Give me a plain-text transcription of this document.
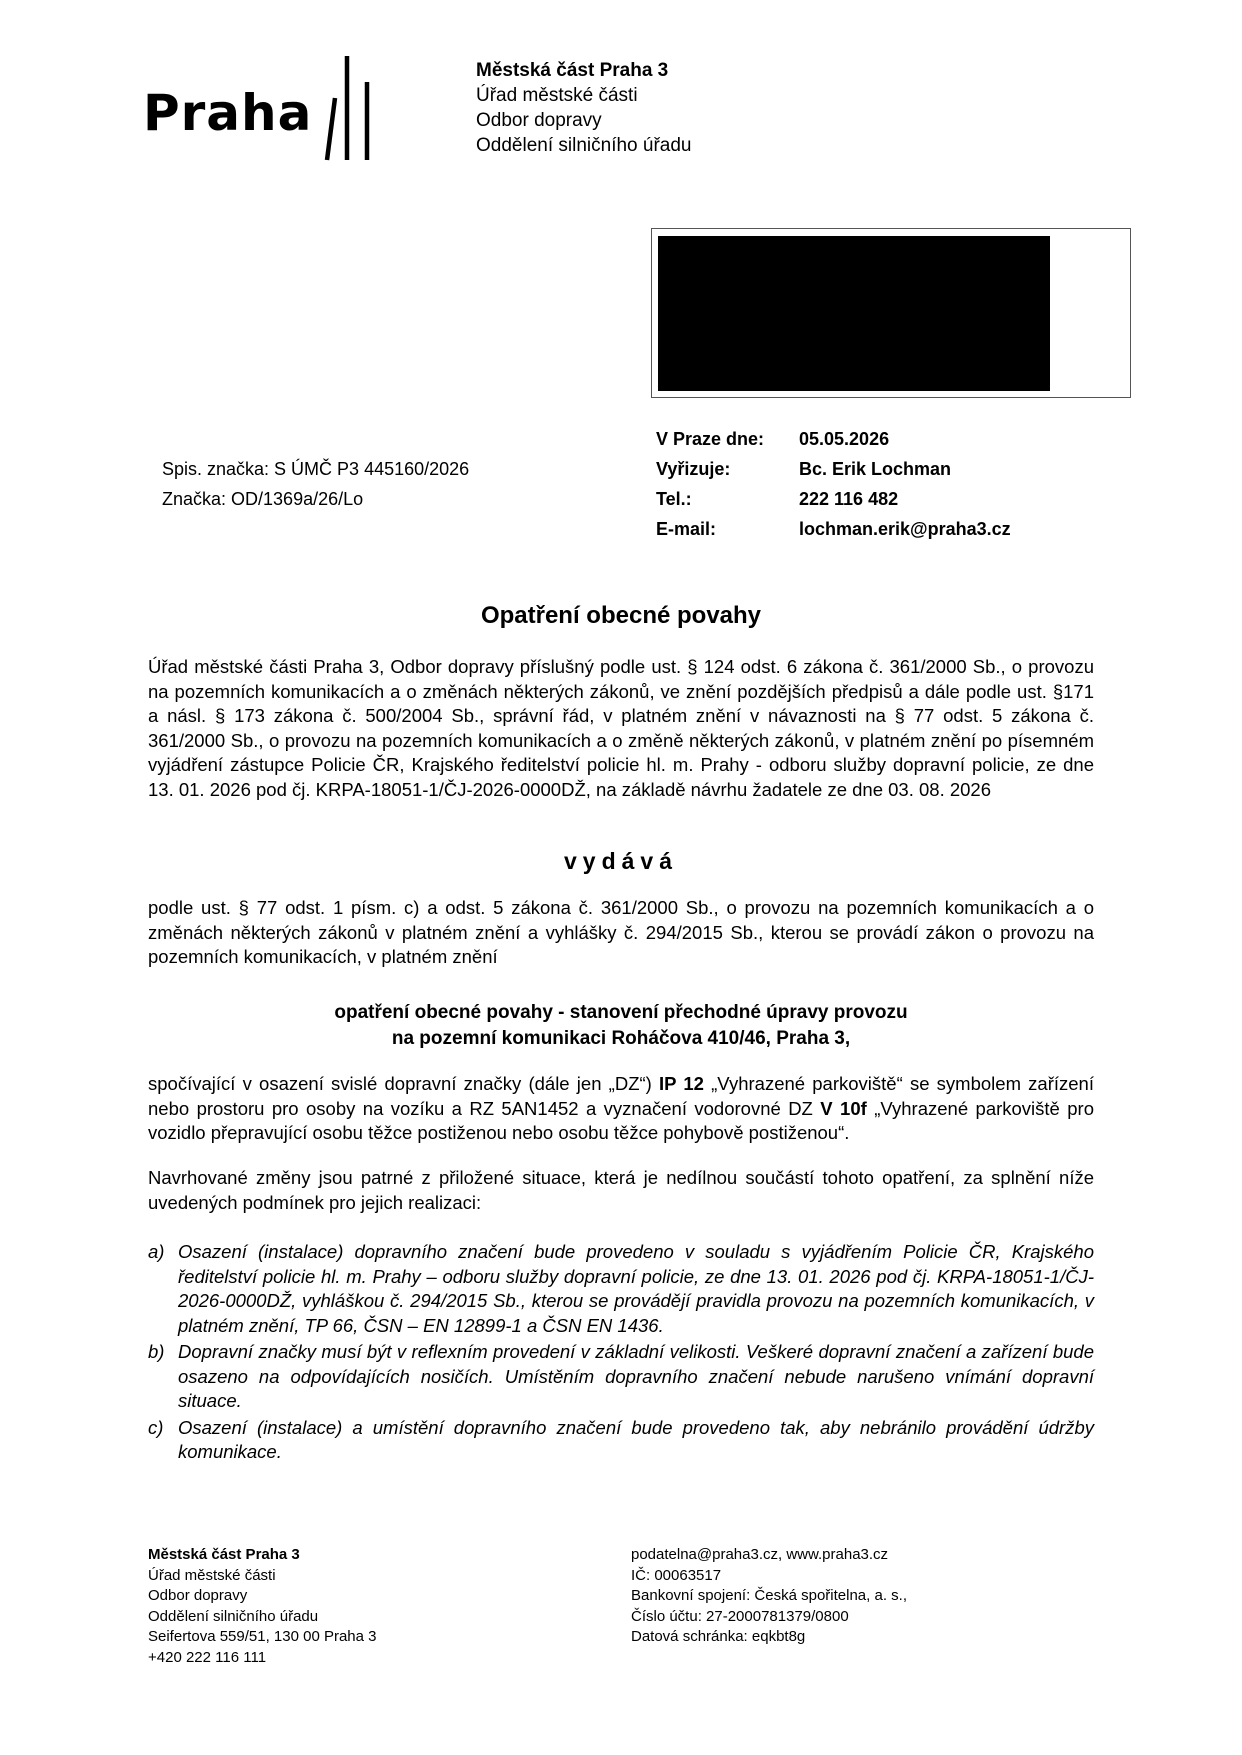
Praha
Městská část Praha 3
Úřad městské části
Odbor dopravy
Oddělení silničního úřadu
Spis. značka: S ÚMČ P3 445160/2026
Značka: OD/1369a/26/Lo
V Praze dne:	05.05.2026
Vyřizuje:	Bc. Erik Lochman
Tel.:	222 116 482
E-mail:	lochman.erik@praha3.cz
Opatření obecné povahy
Úřad městské části Praha 3, Odbor dopravy příslušný podle ust. § 124 odst. 6 zákona č. 361/2000 Sb., o provozu na pozemních komunikacích a o změnách některých zákonů, ve znění pozdějších předpisů a dále podle ust. §171 a násl. § 173 zákona č. 500/2004 Sb., správní řád, v platném znění v návaznosti na § 77 odst. 5 zákona č. 361/2000 Sb., o provozu na pozemních komunikacích a o změně některých zákonů, v platném znění po písemném vyjádření zástupce Policie ČR, Krajského ředitelství policie hl. m. Prahy - odboru služby dopravní policie, ze dne 13. 01. 2026 pod čj. KRPA-18051-1/ČJ-2026-0000DŽ, na základě návrhu žadatele ze dne 03. 08. 2026
vydává
podle ust. § 77 odst. 1 písm. c) a odst. 5 zákona č. 361/2000 Sb., o provozu na pozemních komunikacích a o změnách některých zákonů v platném znění a vyhlášky č. 294/2015 Sb., kterou se provádí zákon o provozu na pozemních komunikacích, v platném znění
opatření obecné povahy - stanovení přechodné úpravy provozu
na pozemní komunikaci Roháčova 410/46, Praha 3,
spočívající v osazení svislé dopravní značky (dále jen „DZ“) IP 12 „Vyhrazené parkoviště“ se symbolem zařízení nebo prostoru pro osoby na vozíku a RZ 5AN1452 a vyznačení vodorovné DZ V 10f „Vyhrazené parkoviště pro vozidlo přepravující osobu těžce postiženou nebo osobu těžce pohybově postiženou“.
Navrhované změny jsou patrné z přiložené situace, která je nedílnou součástí tohoto opatření, za splnění níže uvedených podmínek pro jejich realizaci:
a) Osazení (instalace) dopravního značení bude provedeno v souladu s vyjádřením Policie ČR, Krajského ředitelství policie hl. m. Prahy – odboru služby dopravní policie, ze dne 13. 01. 2026 pod čj. KRPA-18051-1/ČJ-2026-0000DŽ, vyhláškou č. 294/2015 Sb., kterou se provádějí pravidla provozu na pozemních komunikacích, v platném znění, TP 66, ČSN – EN 12899-1 a ČSN EN 1436.
b) Dopravní značky musí být v reflexním provedení v základní velikosti. Veškeré dopravní značení a zařízení bude osazeno na odpovídajících nosičích. Umístěním dopravního značení nebude narušeno vnímání dopravní situace.
c) Osazení (instalace) a umístění dopravního značení bude provedeno tak, aby nebránilo provádění údržby komunikace.
Městská část Praha 3
Úřad městské části
Odbor dopravy
Oddělení silničního úřadu
Seifertova 559/51, 130 00 Praha 3
+420 222 116 111
podatelna@praha3.cz, www.praha3.cz
IČ: 00063517
Bankovní spojení: Česká spořitelna, a. s.,
Číslo účtu: 27-2000781379/0800
Datová schránka: eqkbt8g
